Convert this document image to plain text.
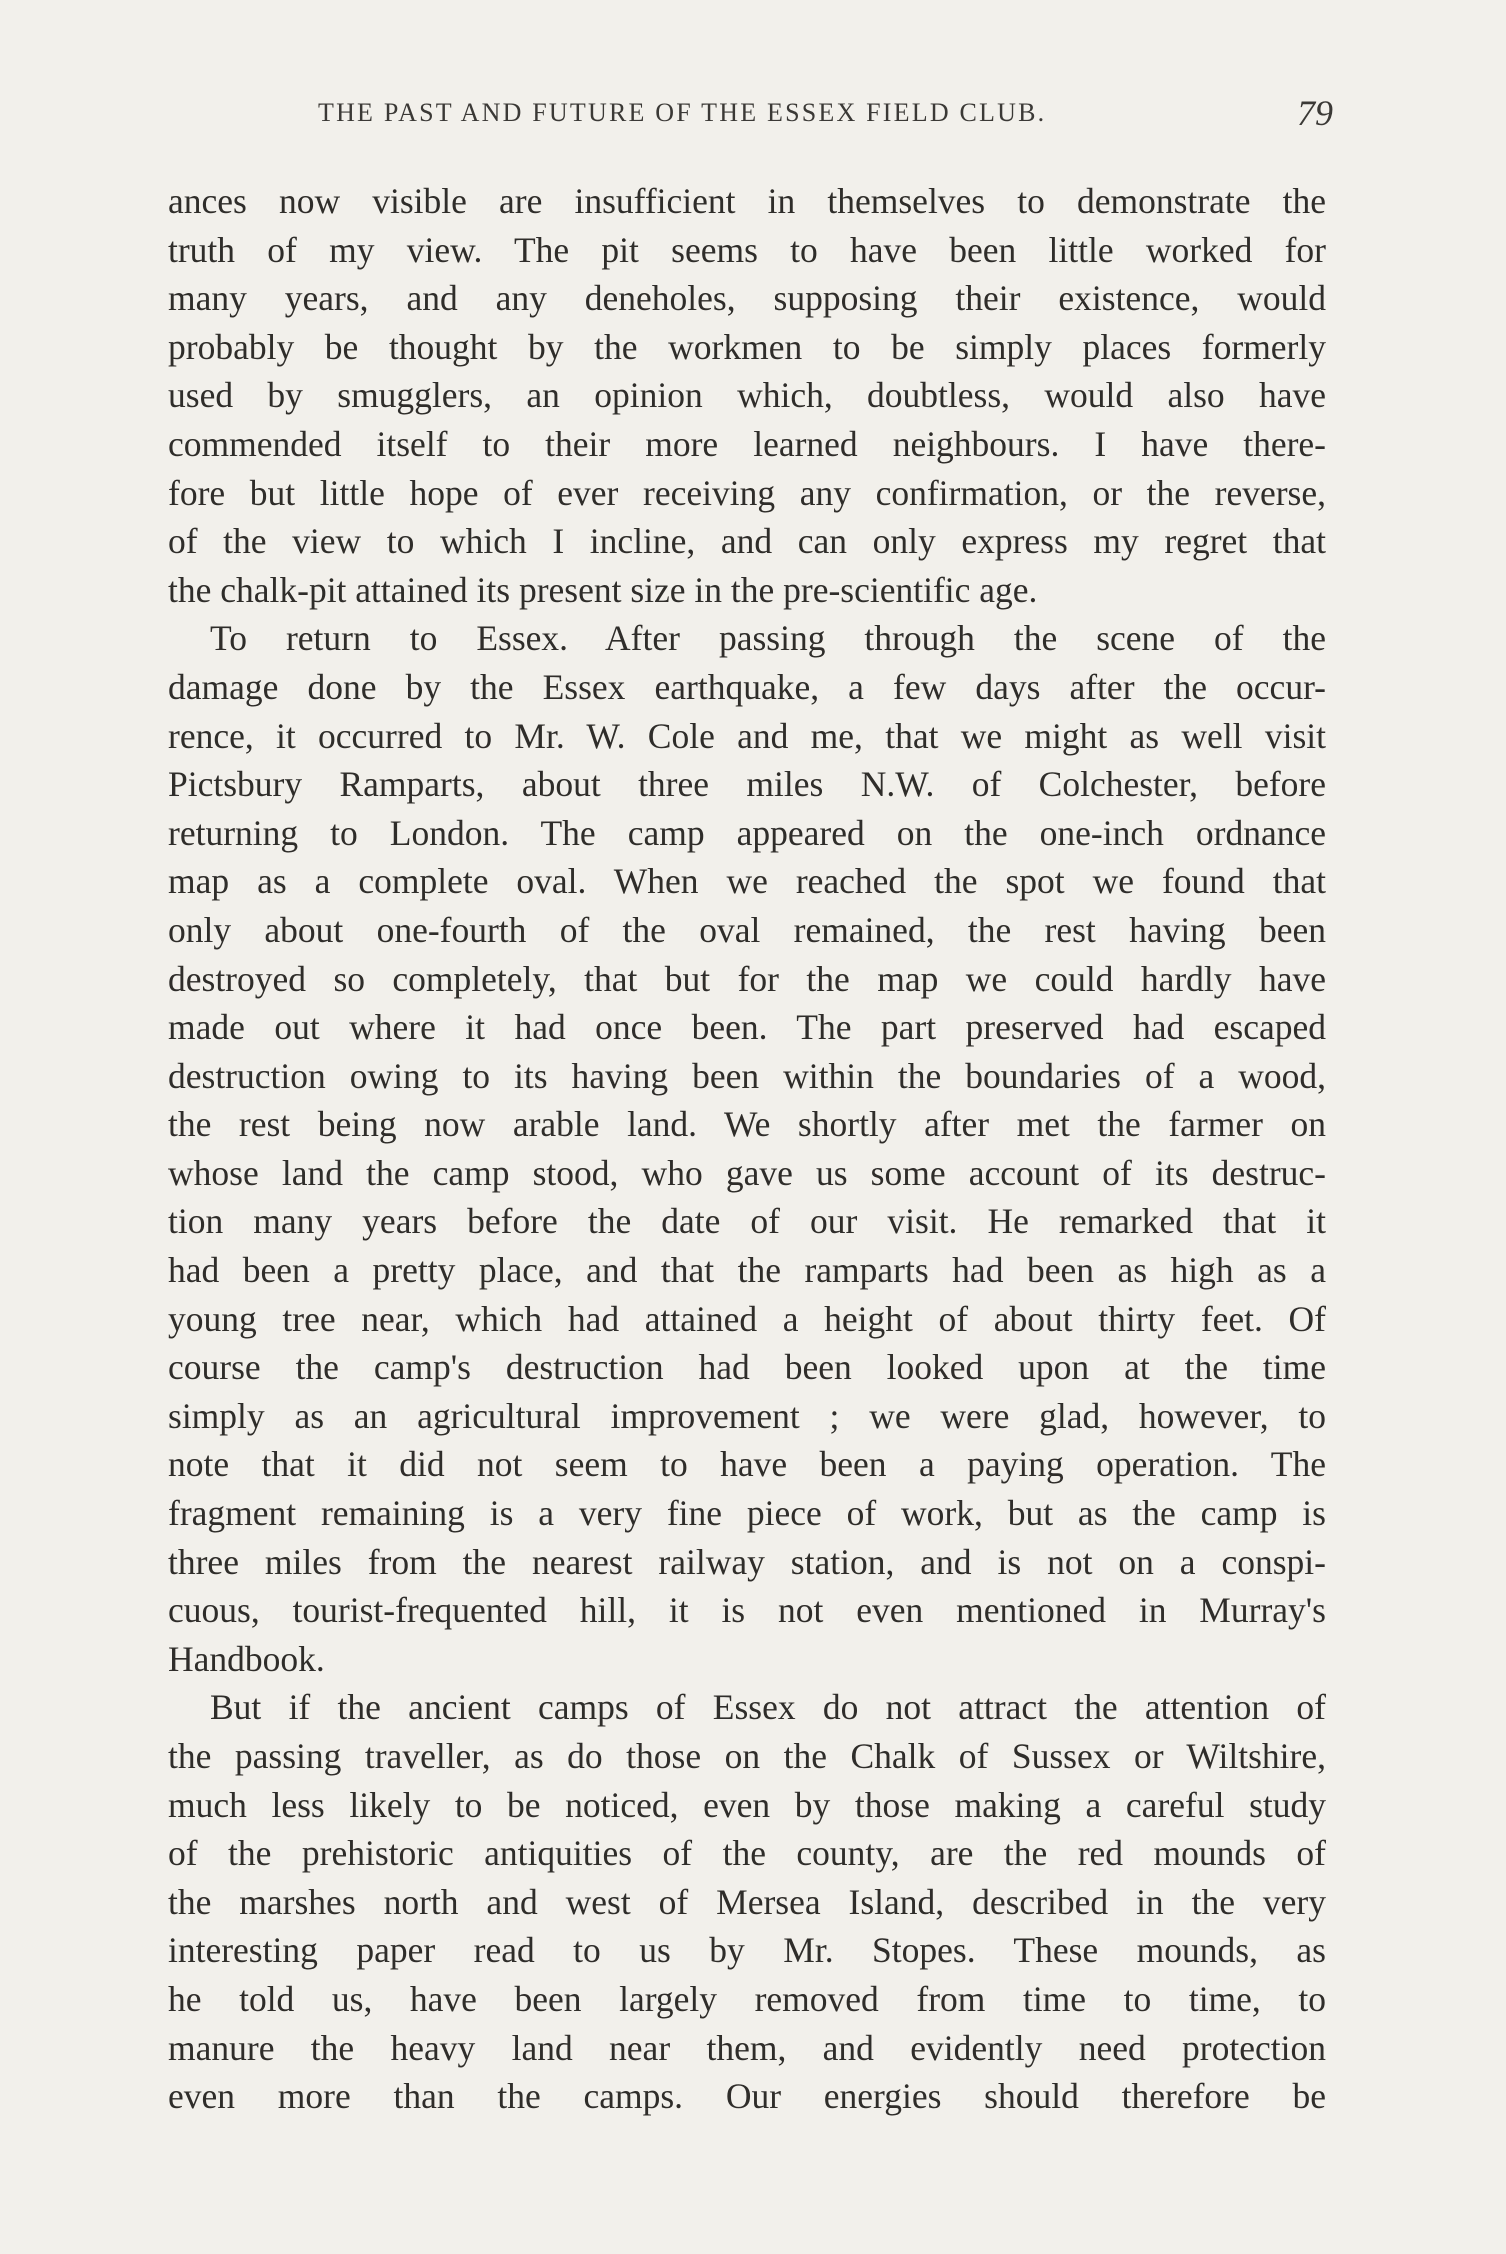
THE PAST AND FUTURE OF THE ESSEX FIELD CLUB.	79
ances now visible are insufficient in themselves to demonstrate the
truth of my view. The pit seems to have been little worked for
many years, and any deneholes, supposing their existence, would
probably be thought by the workmen to be simply places formerly
used by smugglers, an opinion which, doubtless, would also have
commended itself to their more learned neighbours. I have there-
fore but little hope of ever receiving any confirmation, or the reverse,
of the view to which I incline, and can only express my regret that
the chalk-pit attained its present size in the pre-scientific age.
To return to Essex. After passing through the scene of the
damage done by the Essex earthquake, a few days after the occur-
rence, it occurred to Mr. W. Cole and me, that we might as well visit
Pictsbury Ramparts, about three miles N.W. of Colchester, before
returning to London. The camp appeared on the one-inch ordnance
map as a complete oval. When we reached the spot we found that
only about one-fourth of the oval remained, the rest having been
destroyed so completely, that but for the map we could hardly have
made out where it had once been. The part preserved had escaped
destruction owing to its having been within the boundaries of a wood,
the rest being now arable land. We shortly after met the farmer on
whose land the camp stood, who gave us some account of its destruc-
tion many years before the date of our visit. He remarked that it
had been a pretty place, and that the ramparts had been as high as a
young tree near, which had attained a height of about thirty feet. Of
course the camp's destruction had been looked upon at the time
simply as an agricultural improvement ; we were glad, however, to
note that it did not seem to have been a paying operation. The
fragment remaining is a very fine piece of work, but as the camp is
three miles from the nearest railway station, and is not on a conspi-
cuous, tourist-frequented hill, it is not even mentioned in Murray's
Handbook.
But if the ancient camps of Essex do not attract the attention of
the passing traveller, as do those on the Chalk of Sussex or Wiltshire,
much less likely to be noticed, even by those making a careful study
of the prehistoric antiquities of the county, are the red mounds of
the marshes north and west of Mersea Island, described in the very
interesting paper read to us by Mr. Stopes. These mounds, as
he told us, have been largely removed from time to time, to
manure the heavy land near them, and evidently need protection
even more than the camps. Our energies should therefore be
